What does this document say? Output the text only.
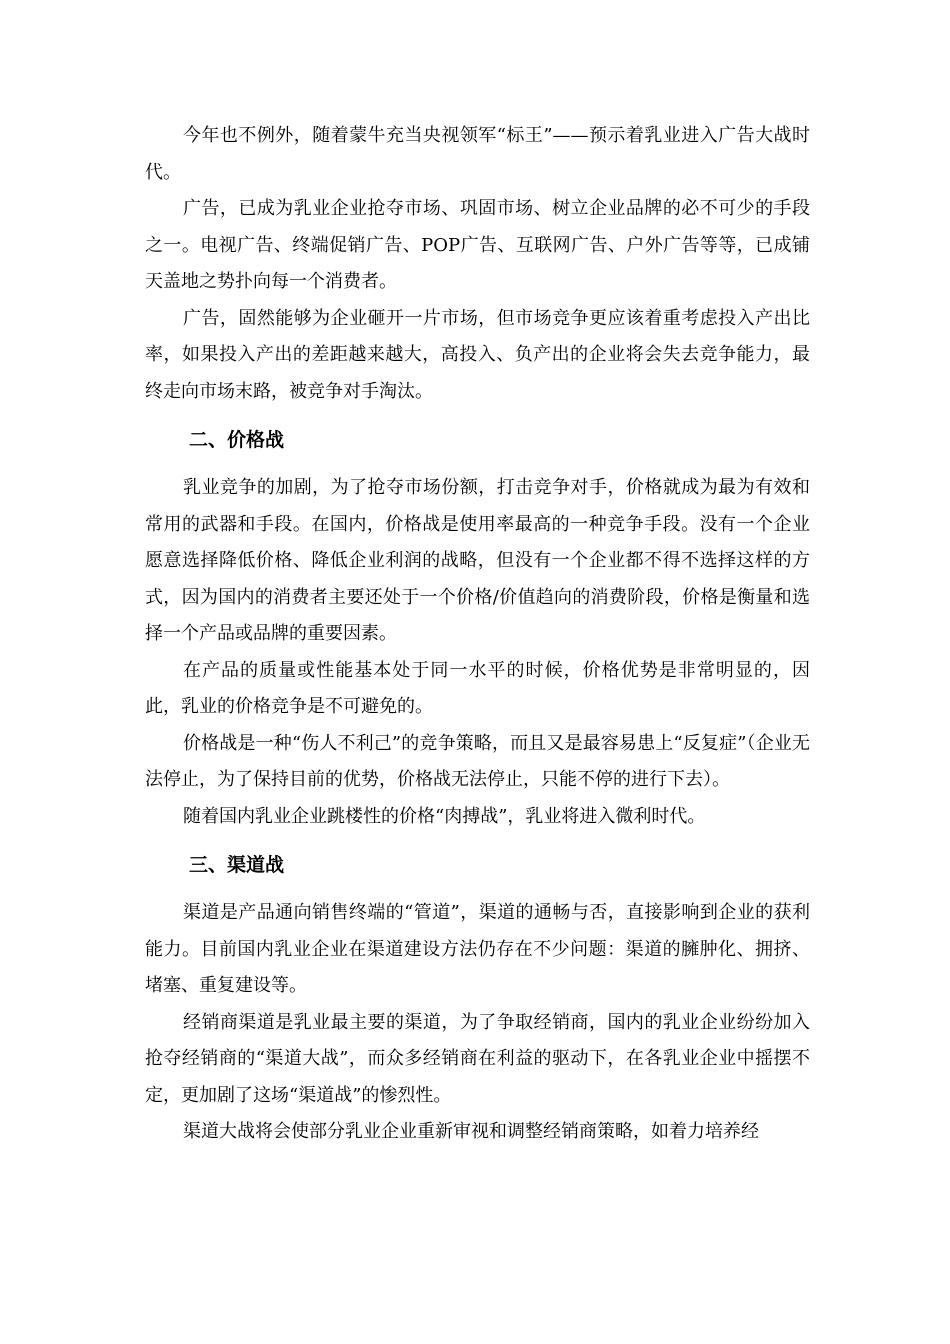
今年也不例外，随着蒙牛充当央视领军“标王”——预示着乳业进入广告大战时代。

广告，已成为乳业企业抢夺市场、巩固市场、树立企业品牌的必不可少的手段之一。电视广告、终端促销广告、POP广告、互联网广告、户外广告等等，已成铺天盖地之势扑向每一个消费者。

广告，固然能够为企业砸开一片市场，但市场竞争更应该着重考虑投入产出比率，如果投入产出的差距越来越大，高投入、负产出的企业将会失去竞争能力，最终走向市场末路，被竞争对手淘汰。

二、价格战

乳业竞争的加剧，为了抢夺市场份额，打击竞争对手，价格就成为最为有效和常用的武器和手段。在国内，价格战是使用率最高的一种竞争手段。没有一个企业愿意选择降低价格、降低企业利润的战略，但没有一个企业都不得不选择这样的方式，因为国内的消费者主要还处于一个价格/价值趋向的消费阶段，价格是衡量和选择一个产品或品牌的重要因素。

在产品的质量或性能基本处于同一水平的时候，价格优势是非常明显的，因此，乳业的价格竞争是不可避免的。

价格战是一种“伤人不利己”的竞争策略，而且又是最容易患上“反复症”（企业无法停止，为了保持目前的优势，价格战无法停止，只能不停的进行下去）。

随着国内乳业企业跳楼性的价格“肉搏战”，乳业将进入微利时代。

三、渠道战

渠道是产品通向销售终端的“管道”，渠道的通畅与否，直接影响到企业的获利能力。目前国内乳业企业在渠道建设方法仍存在不少问题：渠道的臃肿化、拥挤、堵塞、重复建设等。

经销商渠道是乳业最主要的渠道，为了争取经销商，国内的乳业企业纷纷加入抢夺经销商的“渠道大战”，而众多经销商在利益的驱动下，在各乳业企业中摇摆不定，更加剧了这场“渠道战”的惨烈性。

渠道大战将会使部分乳业企业重新审视和调整经销商策略，如着力培养经
